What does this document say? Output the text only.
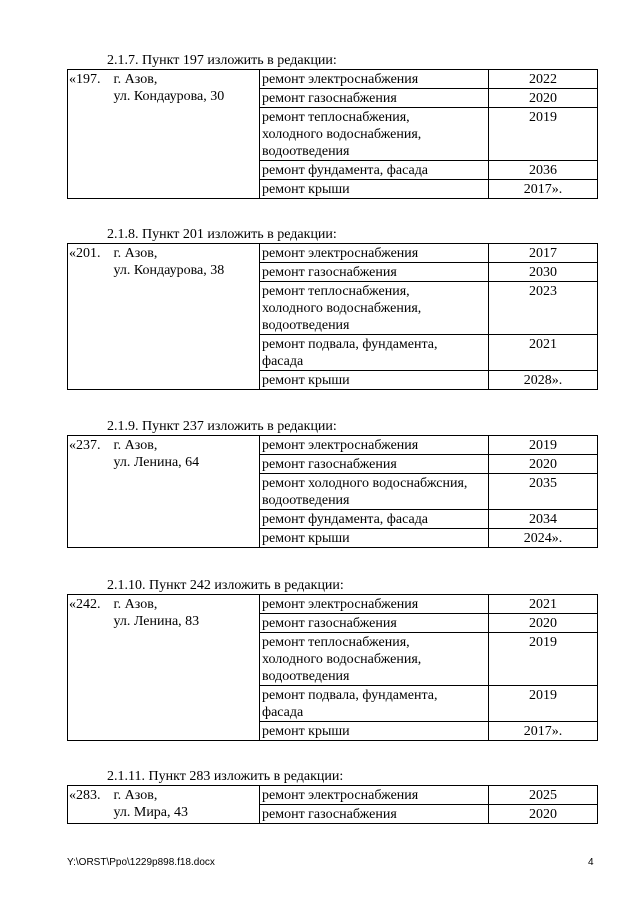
2.1.7. Пункт 197 изложить в редакции:
«197.	г. Азов,
ул. Кондаурова, 30	ремонт электроснабжения	2022
		ремонт газоснабжения	2020
		ремонт теплоснабжения,
холодного водоснабжения,
водоотведения	2019
		ремонт фундамента, фасада	2036
		ремонт крыши	2017».
2.1.8. Пункт 201 изложить в редакции:
«201.	г. Азов,
ул. Кондаурова, 38	ремонт электроснабжения	2017
		ремонт газоснабжения	2030
		ремонт теплоснабжения,
холодного водоснабжения,
водоотведения	2023
		ремонт подвала, фундамента,
фасада	2021
		ремонт крыши	2028».
2.1.9. Пункт 237 изложить в редакции:
«237.	г. Азов,
ул. Ленина, 64	ремонт электроснабжения	2019
		ремонт газоснабжения	2020
		ремонт холодного водоснабжсния,
водоотведения	2035
		ремонт фундамента, фасада	2034
		ремонт крыши	2024».
2.1.10. Пункт 242 изложить в редакции:
«242.	г. Азов,
ул. Ленина, 83	ремонт электроснабжения	2021
		ремонт газоснабжения	2020
		ремонт теплоснабжения,
холодного водоснабжения,
водоотведения	2019
		ремонт подвала, фундамента,
фасада	2019
		ремонт крыши	2017».
2.1.11. Пункт 283 изложить в редакции:
«283.	г. Азов,
ул. Мира, 43	ремонт электроснабжения	2025
		ремонт газоснабжения	2020
Y:\ORST\Ppo\1229p898.f18.docx	4
